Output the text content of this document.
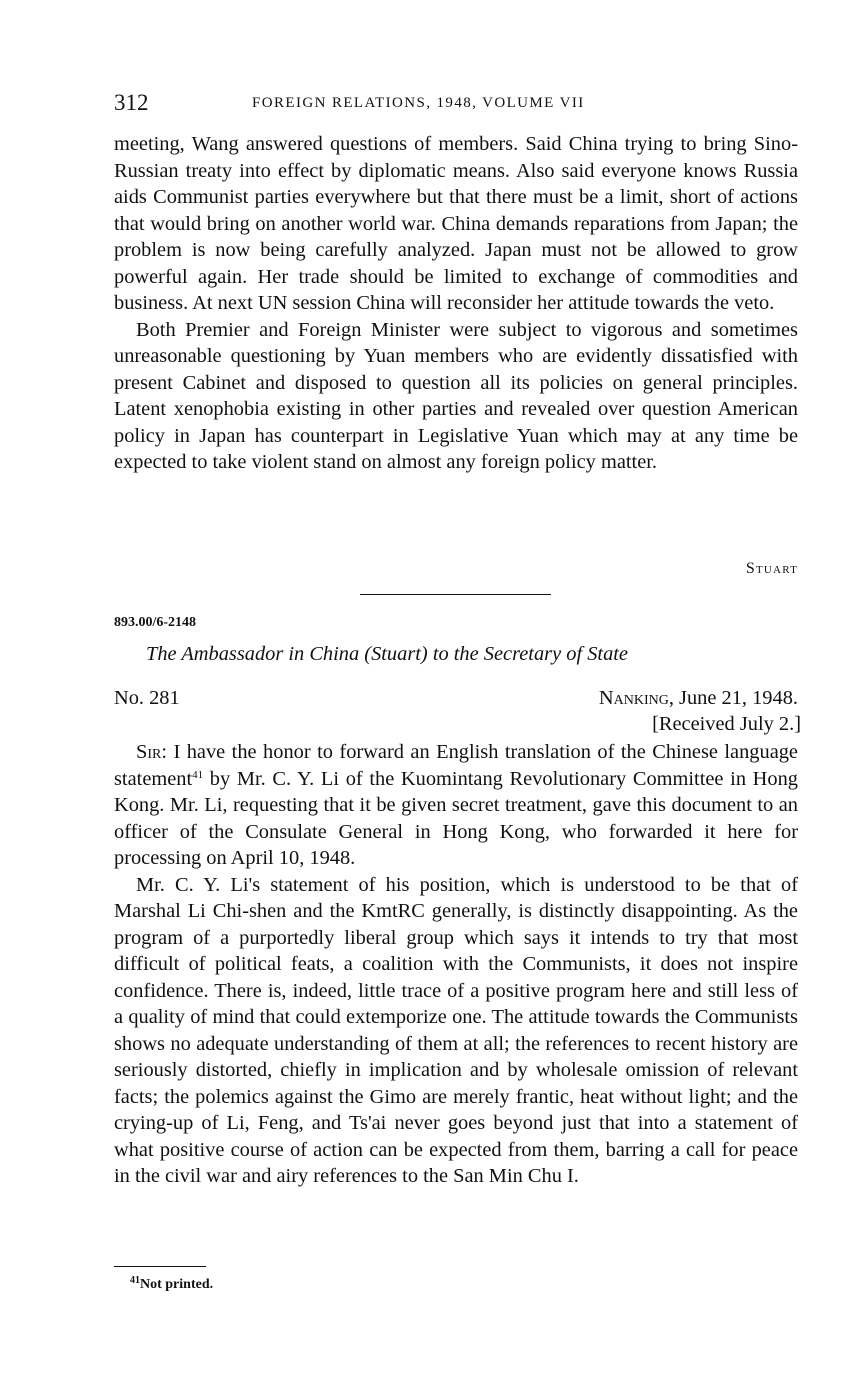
312	FOREIGN RELATIONS, 1948, VOLUME VII

meeting, Wang answered questions of members. Said China trying to bring Sino-Russian treaty into effect by diplomatic means. Also said everyone knows Russia aids Communist parties everywhere but that there must be a limit, short of actions that would bring on another world war. China demands reparations from Japan; the problem is now being carefully analyzed. Japan must not be allowed to grow powerful again. Her trade should be limited to exchange of commodities and business. At next UN session China will reconsider her attitude towards the veto.

Both Premier and Foreign Minister were subject to vigorous and sometimes unreasonable questioning by Yuan members who are evidently dissatisfied with present Cabinet and disposed to question all its policies on general principles. Latent xenophobia existing in other parties and revealed over question American policy in Japan has counterpart in Legislative Yuan which may at any time be expected to take violent stand on almost any foreign policy matter.

Stuart
893.00/6-2148
The Ambassador in China (Stuart) to the Secretary of State
No. 281	Nanking, June 21, 1948.
[Received July 2.]

Sir: I have the honor to forward an English translation of the Chinese language statement$^{41}$ by Mr. C. Y. Li of the Kuomintang Revolutionary Committee in Hong Kong. Mr. Li, requesting that it be given secret treatment, gave this document to an officer of the Consulate General in Hong Kong, who forwarded it here for processing on April 10, 1948.

Mr. C. Y. Li's statement of his position, which is understood to be that of Marshal Li Chi-shen and the KmtRC generally, is distinctly disappointing. As the program of a purportedly liberal group which says it intends to try that most difficult of political feats, a coalition with the Communists, it does not inspire confidence. There is, indeed, little trace of a positive program here and still less of a quality of mind that could extemporize one. The attitude towards the Communists shows no adequate understanding of them at all; the references to recent history are seriously distorted, chiefly in implication and by wholesale omission of relevant facts; the polemics against the Gimo are merely frantic, heat without light; and the crying-up of Li, Feng, and Ts'ai never goes beyond just that into a statement of what positive course of action can be expected from them, barring a call for peace in the civil war and airy references to the San Min Chu I.

$^{41}$Not printed.
